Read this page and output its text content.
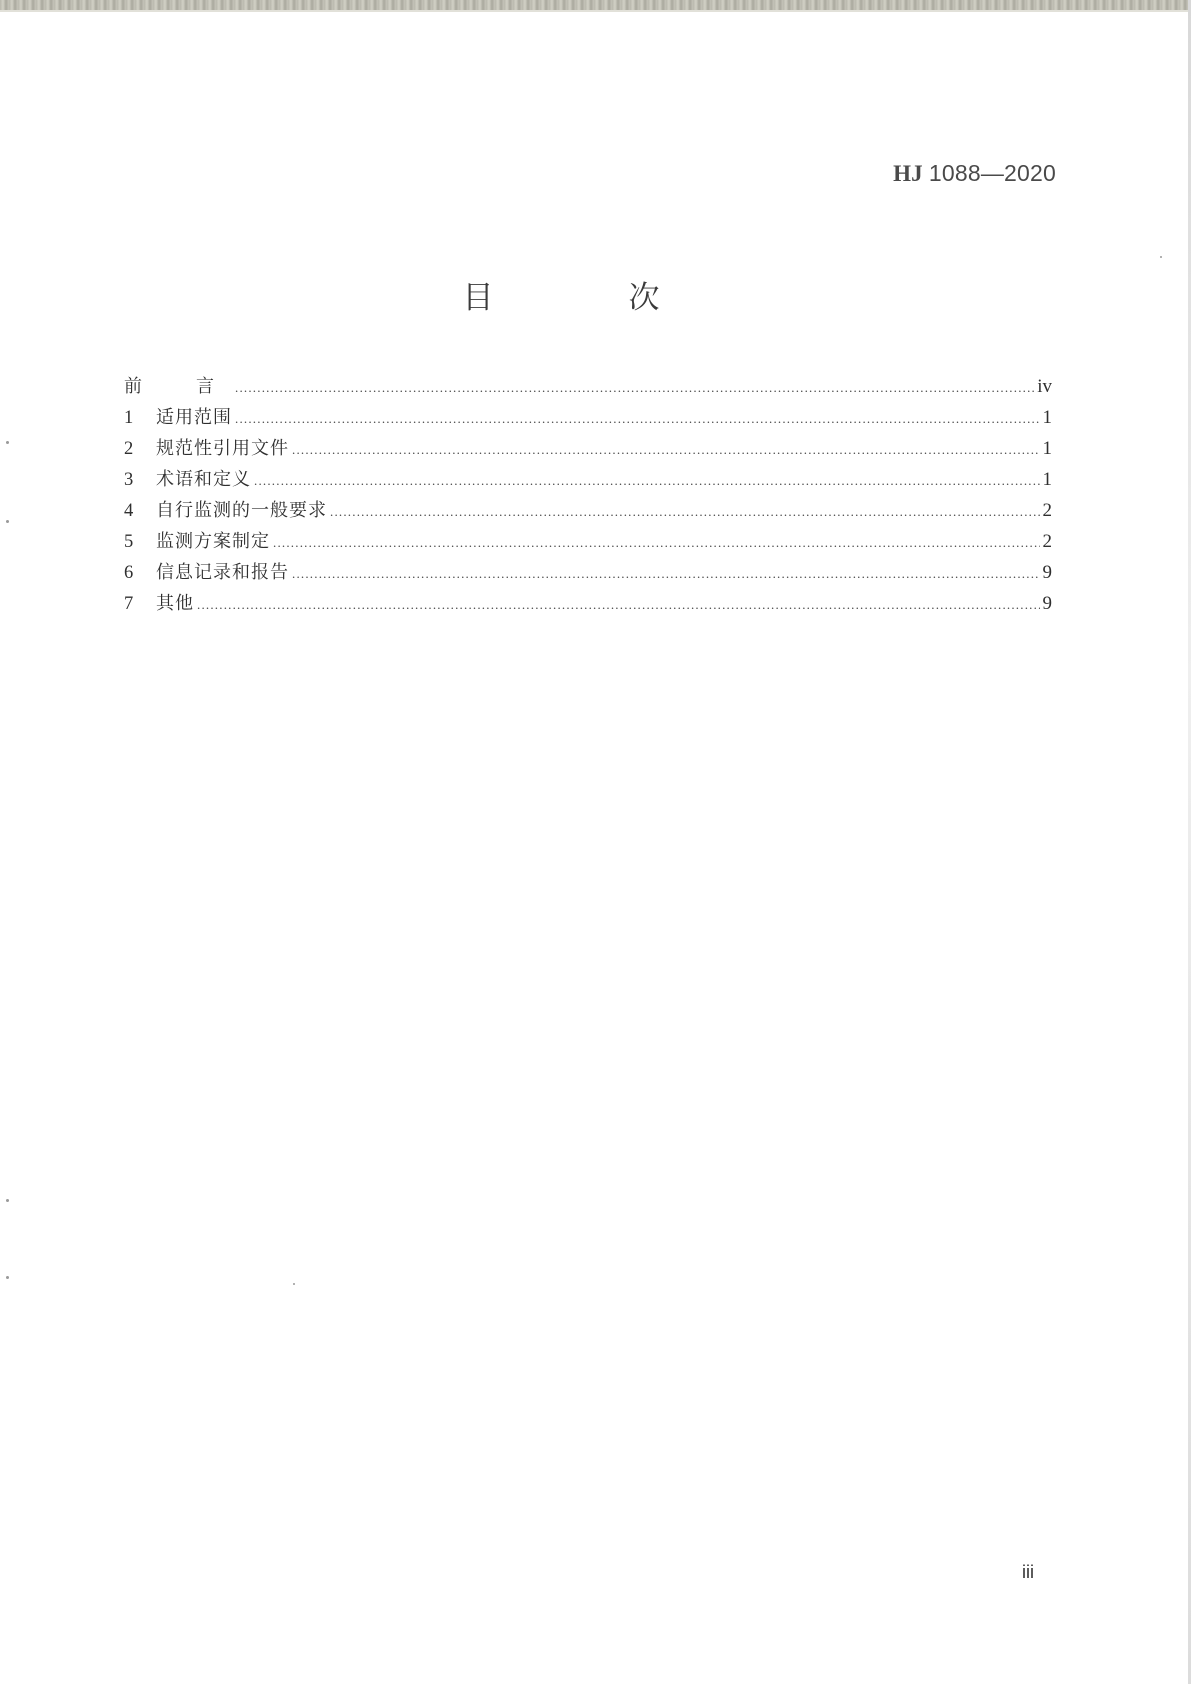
HJ 1088—2020
目　次
前　言 .....	iv
1	适用范围 .....	1
2	规范性引用文件 .....	1
3	术语和定义 .....	1
4	自行监测的一般要求 .....	2
5	监测方案制定 .....	2
6	信息记录和报告 .....	9
7	其他 .....	9
iii
